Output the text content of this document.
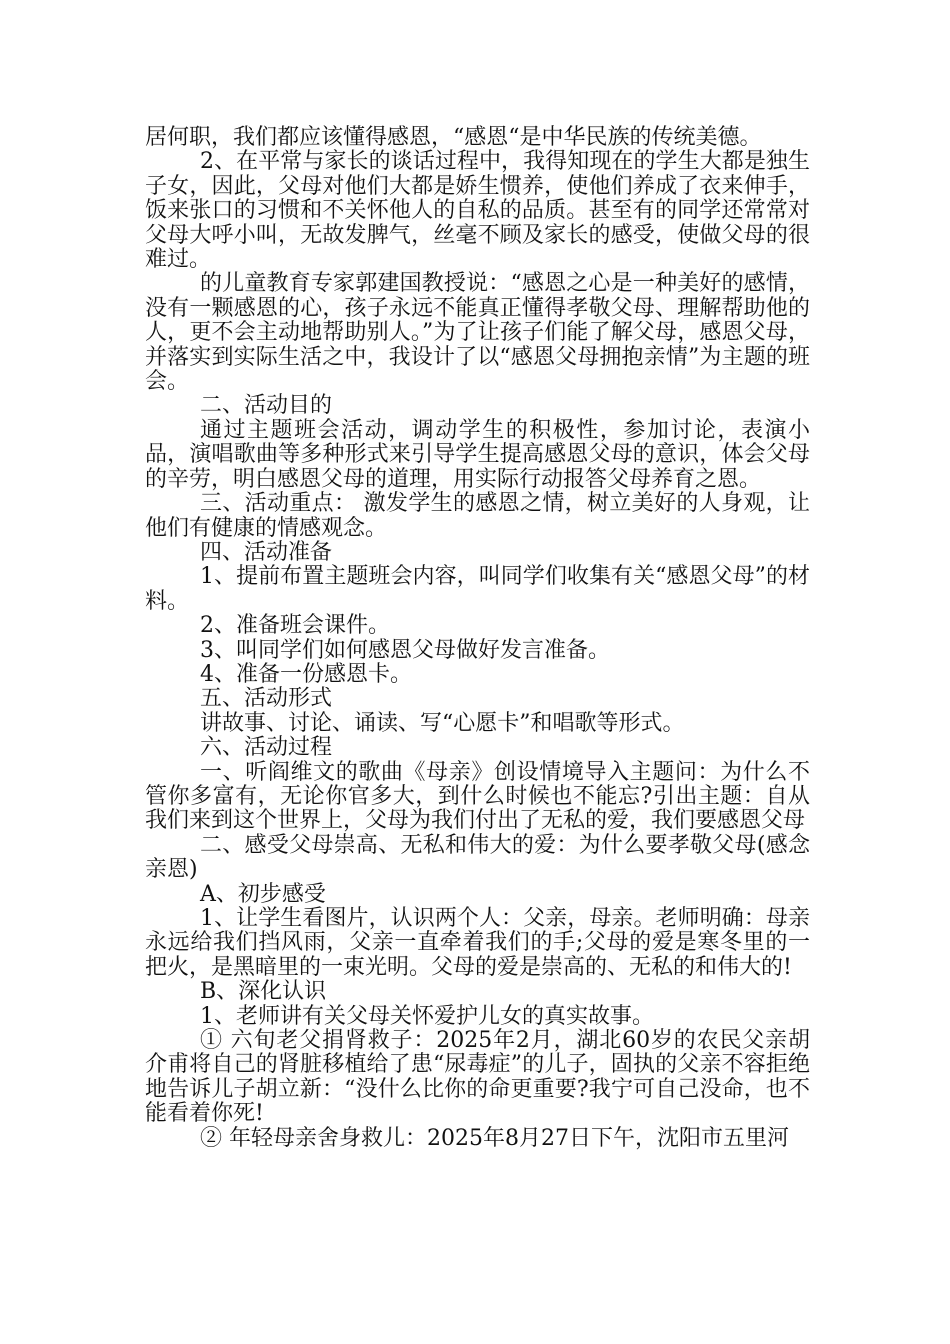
居何职，我们都应该懂得感恩，“感恩“是中华民族的传统美德。

2、在平常与家长的谈话过程中，我得知现在的学生大都是独生子女，因此，父母对他们大都是娇生惯养，使他们养成了衣来伸手，饭来张口的习惯和不关怀他人的自私的品质。甚至有的同学还常常对父母大呼小叫，无故发脾气，丝毫不顾及家长的感受，使做父母的很难过。

的儿童教育专家郭建国教授说：“感恩之心是一种美好的感情，没有一颗感恩的心，孩子永远不能真正懂得孝敬父母、理解帮助他的人，更不会主动地帮助别人。”为了让孩子们能了解父母，感恩父母，并落实到实际生活之中，我设计了以“感恩父母拥抱亲情”为主题的班会。

二、活动目的

通过主题班会活动，调动学生的积极性，参加讨论，表演小品，演唱歌曲等多种形式来引导学生提高感恩父母的意识，体会父母的辛劳，明白感恩父母的道理，用实际行动报答父母养育之恩。

三、活动重点： 激发学生的感恩之情，树立美好的人身观，让他们有健康的情感观念。

四、活动准备

1、提前布置主题班会内容，叫同学们收集有关“感恩父母”的材料。

2、准备班会课件。

3、叫同学们如何感恩父母做好发言准备。

4、准备一份感恩卡。

五、活动形式

讲故事、讨论、诵读、写“心愿卡”和唱歌等形式。

六、活动过程

一、听阎维文的歌曲《母亲》创设情境导入主题问：为什么不管你多富有，无论你官多大，到什么时候也不能忘?引出主题：自从我们来到这个世界上，父母为我们付出了无私的爱，我们要感恩父母

二、感受父母崇高、无私和伟大的爱：为什么要孝敬父母(感念亲恩)

A、初步感受

1、让学生看图片，认识两个人：父亲，母亲。老师明确：母亲永远给我们挡风雨，父亲一直牵着我们的手;父母的爱是寒冬里的一把火，是黑暗里的一束光明。父母的爱是崇高的、无私的和伟大的!

B、深化认识

1、老师讲有关父母关怀爱护儿女的真实故事。

① 六旬老父捐肾救子：2025年2月，湖北60岁的农民父亲胡介甫将自己的肾脏移植给了患“尿毒症”的儿子，固执的父亲不容拒绝地告诉儿子胡立新：“没什么比你的命更重要?我宁可自己没命，也不能看着你死!

② 年轻母亲舍身救儿：2025年8月27日下午，沈阳市五里河
